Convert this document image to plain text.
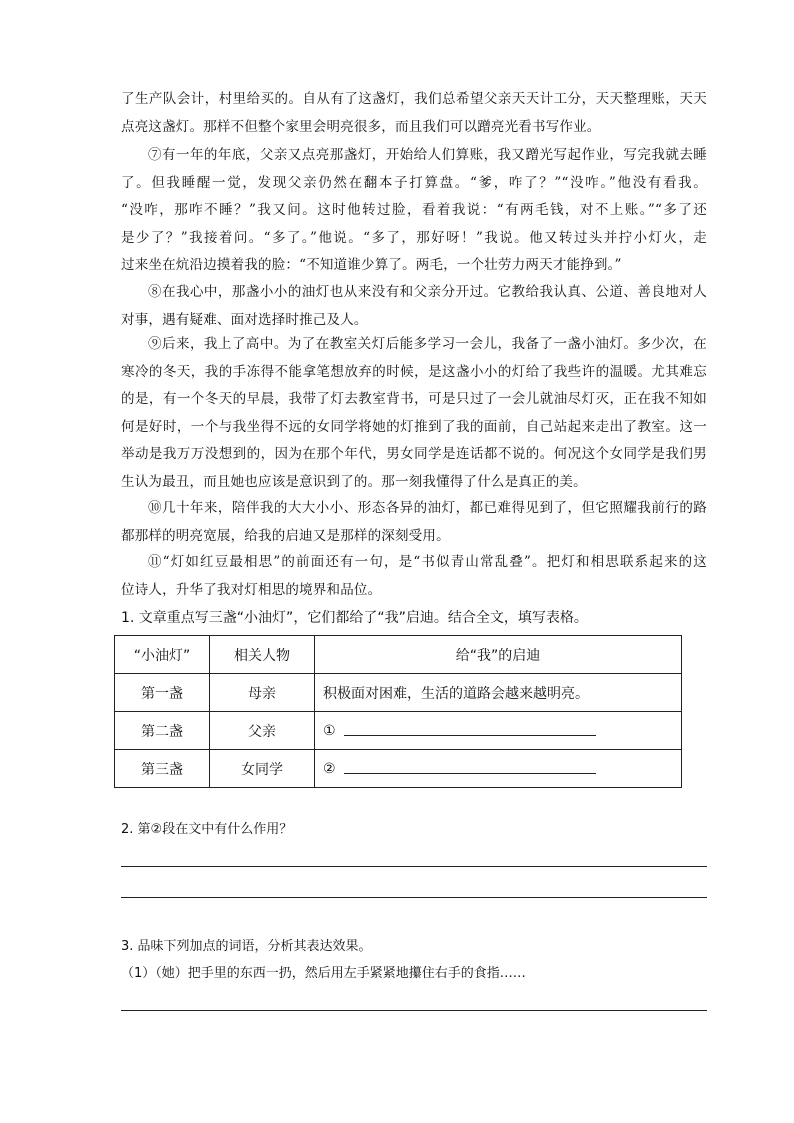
了生产队会计，村里给买的。自从有了这盏灯，我们总希望父亲天天计工分，天天整理账，天天
点亮这盏灯。那样不但整个家里会明亮很多，而且我们可以蹭亮光看书写作业。
⑦有一年的年底，父亲又点亮那盏灯，开始给人们算账，我又蹭光写起作业，写完我就去睡
了。但我睡醒一觉，发现父亲仍然在翻本子打算盘。“爹，咋了？”“没咋。”他没有看我。
“没咋，那咋不睡？”我又问。这时他转过脸，看着我说：“有两毛钱，对不上账。”“多了还
是少了？”我接着问。“多了。”他说。“多了，那好呀！”我说。他又转过头并拧小灯火，走
过来坐在炕沿边摸着我的脸：“不知道谁少算了。两毛，一个壮劳力两天才能挣到。”
⑧在我心中，那盏小小的油灯也从来没有和父亲分开过。它教给我认真、公道、善良地对人
对事，遇有疑难、面对选择时推己及人。
⑨后来，我上了高中。为了在教室关灯后能多学习一会儿，我备了一盏小油灯。多少次，在
寒冷的冬天，我的手冻得不能拿笔想放弃的时候，是这盏小小的灯给了我些许的温暖。尤其难忘
的是，有一个冬天的早晨，我带了灯去教室背书，可是只过了一会儿就油尽灯灭，正在我不知如
何是好时，一个与我坐得不远的女同学将她的灯推到了我的面前，自己站起来走出了教室。这一
举动是我万万没想到的，因为在那个年代，男女同学是连话都不说的。何况这个女同学是我们男
生认为最丑，而且她也应该是意识到了的。那一刻我懂得了什么是真正的美。
⑩几十年来，陪伴我的大大小小、形态各异的油灯，都已难得见到了，但它照耀我前行的路
都那样的明亮宽展，给我的启迪又是那样的深刻受用。
⑪“灯如红豆最相思”的前面还有一句，是“书似青山常乱叠”。把灯和相思联系起来的这
位诗人，升华了我对灯相思的境界和品位。
1. 文章重点写三盏“小油灯”，它们都给了“我”启迪。结合全文，填写表格。
“小油灯”	相关人物	给“我”的启迪
第一盏	母亲	积极面对困难，生活的道路会越来越明亮。
第二盏	父亲	①
第三盏	女同学	②
2. 第②段在文中有什么作用？
3. 品味下列加点的词语，分析其表达效果。
（1）（她）把手里的东西一扔，然后用左手紧紧地攥住右手的食指……
